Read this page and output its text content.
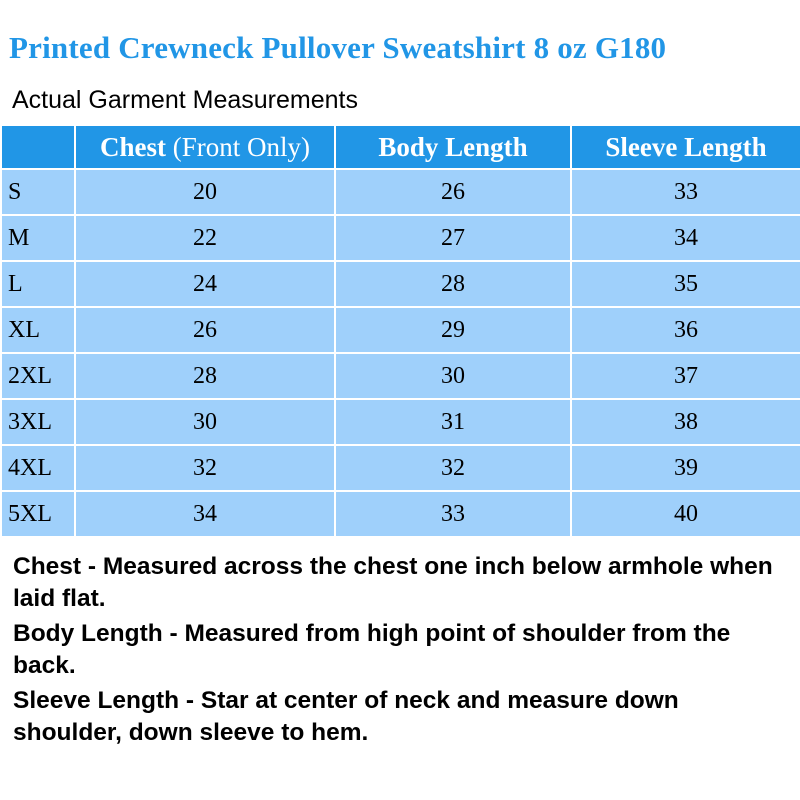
Printed Crewneck Pullover Sweatshirt 8 oz G180
Actual Garment Measurements
	Chest (Front Only)	Body Length	Sleeve Length
S	20	26	33
M	22	27	34
L	24	28	35
XL	26	29	36
2XL	28	30	37
3XL	30	31	38
4XL	32	32	39
5XL	34	33	40

Chest - Measured across the chest one inch below armhole when laid flat.

Body Length - Measured from high point of shoulder from the back.

Sleeve Length - Star at center of neck and measure down shoulder, down sleeve to hem.
